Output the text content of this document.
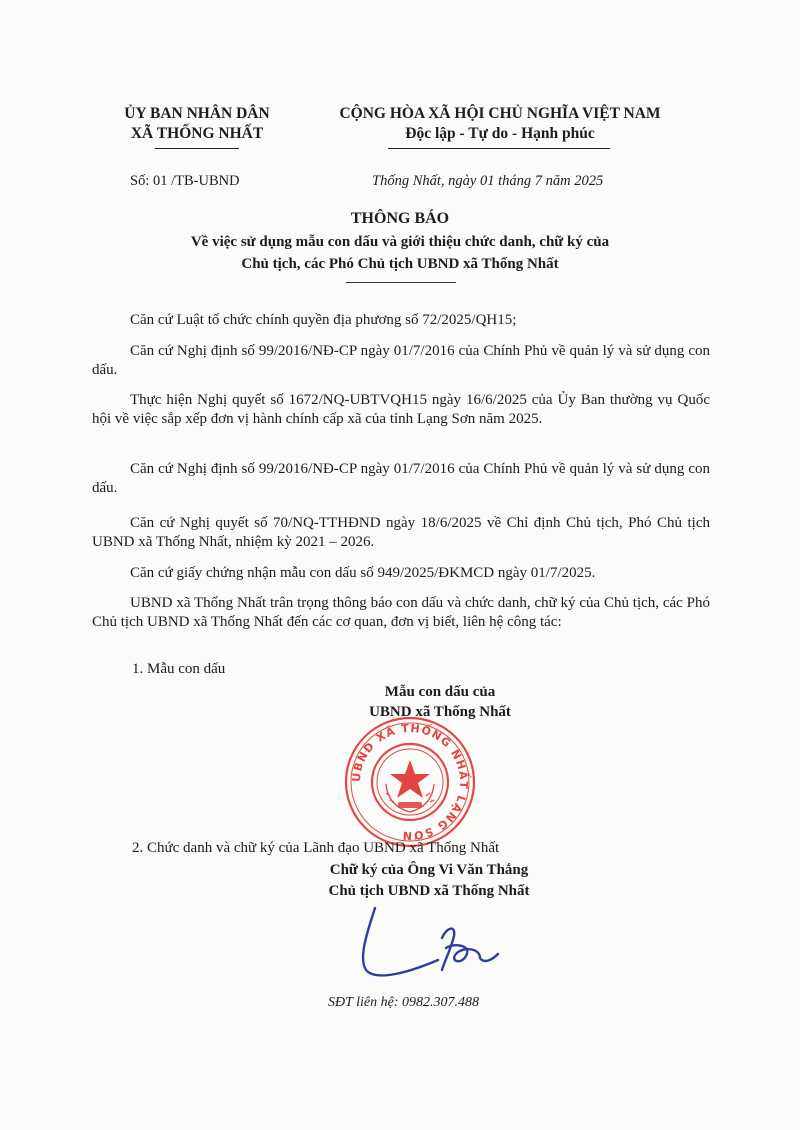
ỦY BAN NHÂN DÂN
XÃ THỐNG NHẤT
CỘNG HÒA XÃ HỘI CHỦ NGHĨA VIỆT NAM
Độc lập - Tự do - Hạnh phúc
Số: 01 /TB-UBND	Thống Nhất, ngày 01 tháng 7 năm 2025
THÔNG BÁO
Về việc sử dụng mẫu con dấu và giới thiệu chức danh, chữ ký của
Chủ tịch, các Phó Chủ tịch UBND xã Thống Nhất
Căn cứ Luật tổ chức chính quyền địa phương số 72/2025/QH15;
Căn cứ Nghị định số 99/2016/NĐ-CP ngày 01/7/2016 của Chính Phủ về quản lý và sử dụng con dấu.
Thực hiện Nghị quyết số 1672/NQ-UBTVQH15 ngày 16/6/2025 của Ủy Ban thường vụ Quốc hội về việc sắp xếp đơn vị hành chính cấp xã của tỉnh Lạng Sơn năm 2025.
Căn cứ Nghị định số 99/2016/NĐ-CP ngày 01/7/2016 của Chính Phủ về quản lý và sử dụng con dấu.
Căn cứ Nghị quyết số 70/NQ-TTHĐND ngày 18/6/2025 về Chỉ định Chủ tịch, Phó Chủ tịch UBND xã Thống Nhất, nhiệm kỳ 2021 – 2026.
Căn cứ giấy chứng nhận mẫu con dấu số 949/2025/ĐKMCD ngày 01/7/2025.
UBND xã Thống Nhất trân trọng thông báo con dấu và chức danh, chữ ký của Chủ tịch, các Phó Chủ tịch UBND xã Thống Nhất đến các cơ quan, đơn vị biết, liên hệ công tác:
1. Mẫu con dấu
Mẫu con dấu của
UBND xã Thống Nhất
UBND XÃ THỐNG NHẤT LẠNG SƠN
2. Chức danh và chữ ký của Lãnh đạo UBND xã Thống Nhất
Chữ ký của Ông Vi Văn Thắng
Chủ tịch UBND xã Thống Nhất
SĐT liên hệ: 0982.307.488
